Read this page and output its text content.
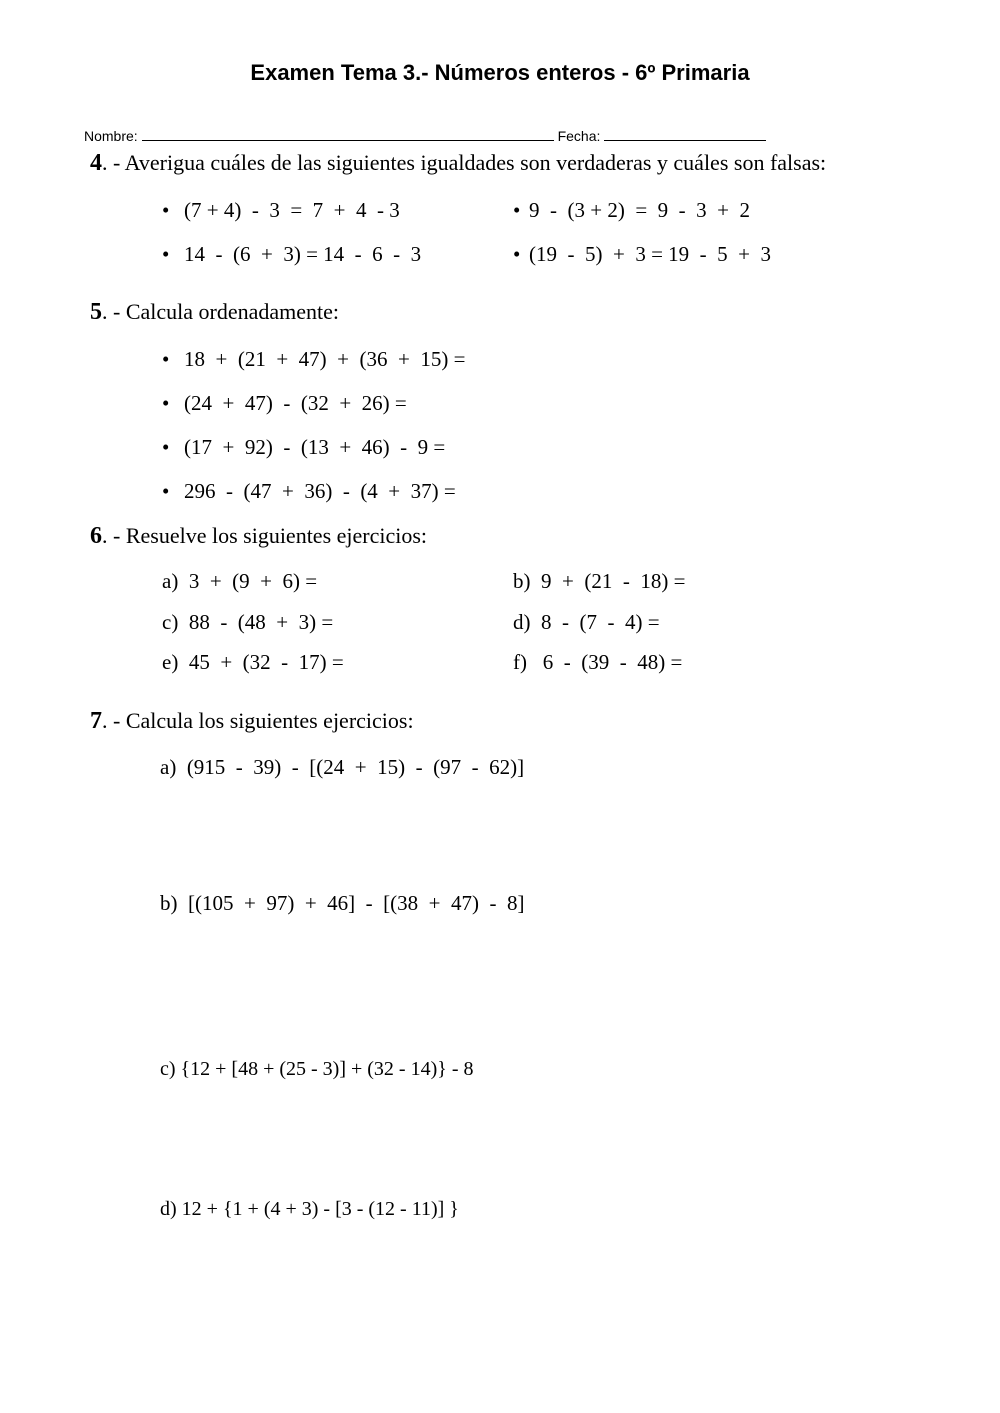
Examen Tema 3.- Números enteros - 6º Primaria
Nombre:	Fecha:
4. - Averigua cuáles de las siguientes igualdades son verdaderas y cuáles son falsas:
• (7 + 4)  -  3  =  7  +  4  - 3	• 9  -  (3 + 2)  =  9  -  3  +  2
• 14  -  (6  +  3) = 14  -  6  -  3	• (19  -  5)  +  3 = 19  -  5  +  3
5. - Calcula ordenadamente:
• 18  +  (21  +  47)  +  (36  +  15) =
• (24  +  47)  -  (32  +  26) =
• (17  +  92)  -  (13  +  46)  -  9 =
• 296  -  (47  +  36)  -  (4  +  37) =
6. - Resuelve los siguientes ejercicios:
a)  3  +  (9  +  6) =	b)  9  +  (21  -  18) =
c)  88  -  (48  +  3) =	d)  8  -  (7  -  4) =
e)  45  +  (32  -  17) =	f)   6  -  (39  -  48) =
7. - Calcula los siguientes ejercicios:
a)  (915  -  39)  -  [(24  +  15)  -  (97  -  62)]
b)  [(105  +  97)  +  46]  -  [(38  +  47)  -  8]
c) {12 + [48 + (25 - 3)] + (32 - 14)} - 8
d) 12 + {1 + (4 + 3) - [3 - (12 - 11)] }
